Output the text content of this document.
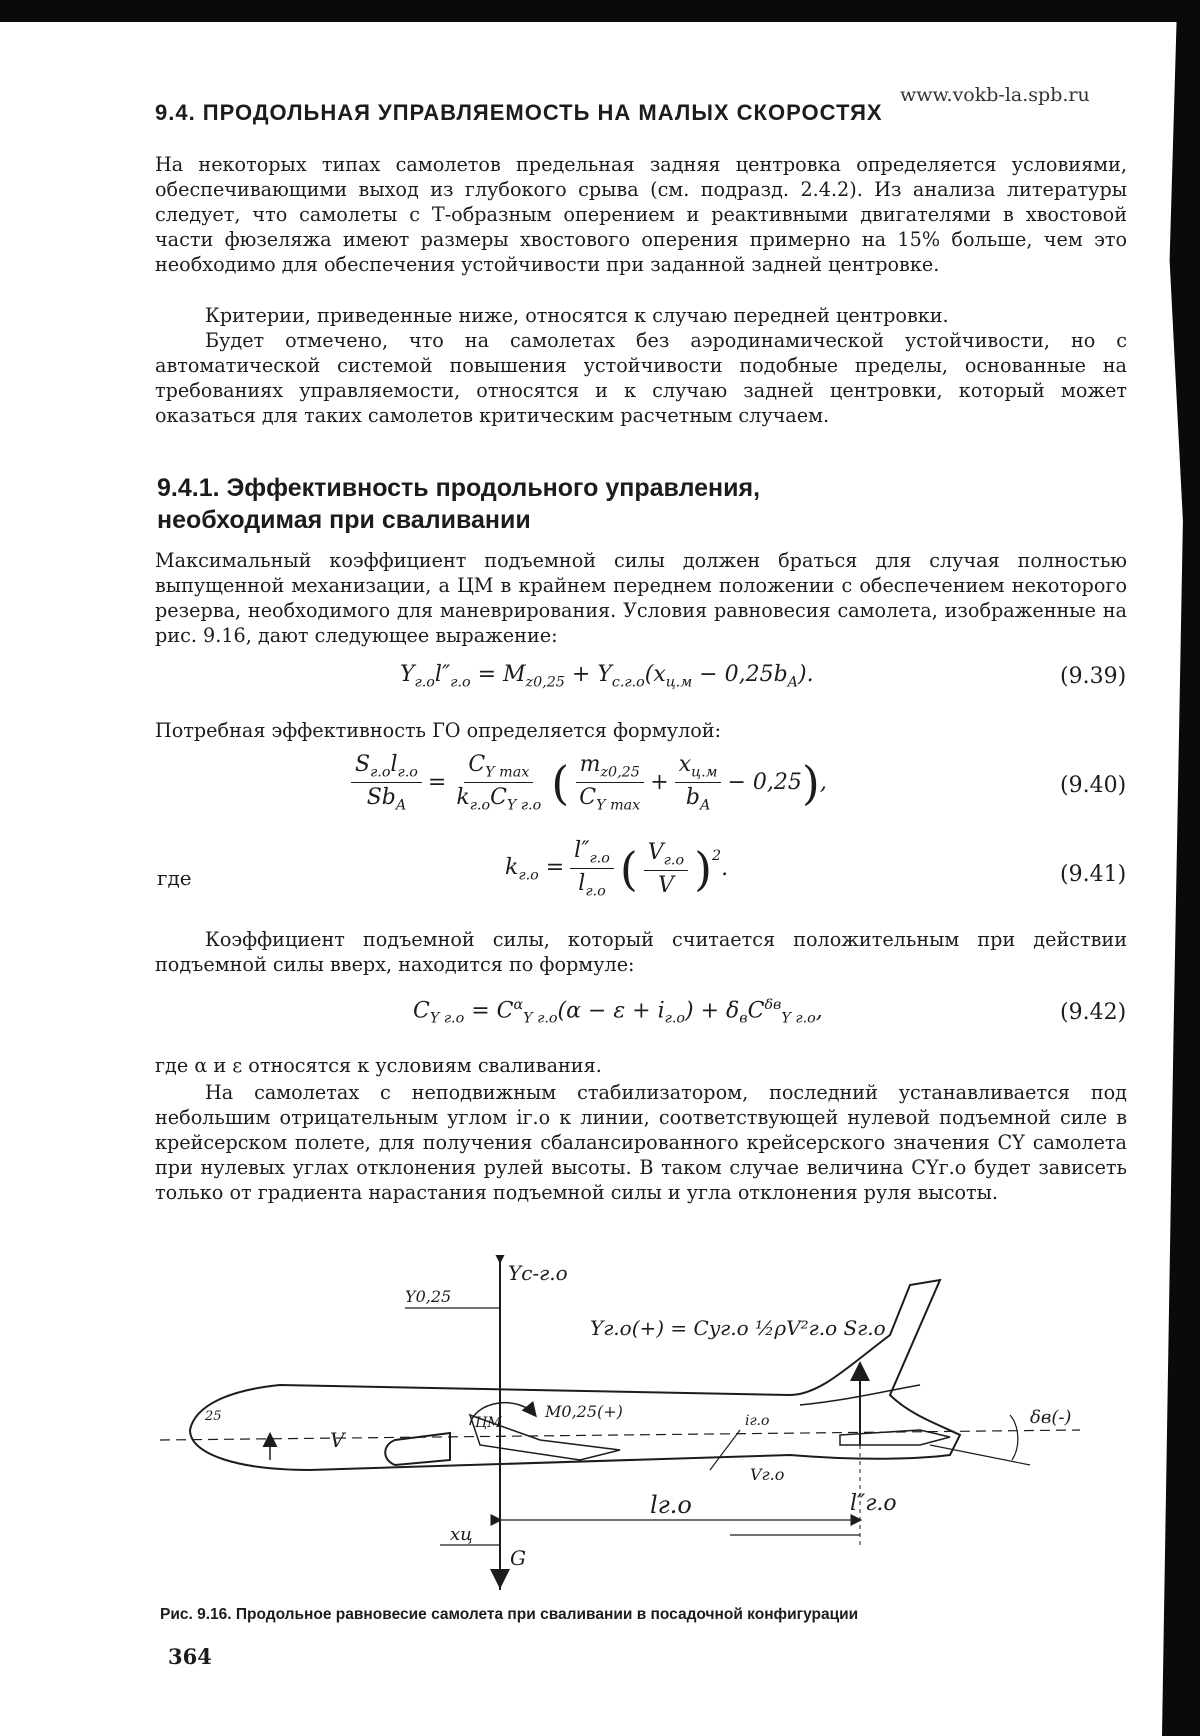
www.vokb-la.spb.ru
9.4. ПРОДОЛЬНАЯ УПРАВЛЯЕМОСТЬ НА МАЛЫХ СКОРОСТЯХ
На некоторых типах самолетов предельная задняя центровка определяется условиями, обеспечивающими выход из глубокого срыва (см. подразд. 2.4.2). Из анализа литературы следует, что самолеты с Т-образным оперением и реактивными двигателями в хвостовой части фюзеляжа имеют размеры хвостового оперения примерно на 15% больше, чем это необходимо для обеспечения устойчивости при заданной задней центровке.
Критерии, приведенные ниже, относятся к случаю передней центровки.
Будет отмечено, что на самолетах без аэродинамической устойчивости, но с автоматической системой повышения устойчивости подобные пределы, основанные на требованиях управляемости, относятся и к случаю задней центровки, который может оказаться для таких самолетов критическим расчетным случаем.
9.4.1. Эффективность продольного управления,
необходимая при сваливании
Максимальный коэффициент подъемной силы должен браться для случая полностью выпущенной механизации, а ЦМ в крайнем переднем положении с обеспечением некоторого резерва, необходимого для маневрирования. Условия равновесия самолета, изображенные на рис. 9.16, дают следующее выражение:
$Y_{г.о}l''_{г.о} = M_{z0,25} + Y_{с.г.о}(x_{ц.м} - 0,25b_A)$.	(9.39)
Потребная эффективность ГО определяется формулой:
$\frac{S_{г.о}l_{г.о}}{Sb_A} = \frac{C_{Y max}}{k_{г.о}C_{Y г.о}}$ ( $\frac{m_{z0,25}}{C_{Y max}} + \frac{x_{ц.м}}{b_A} - 0,25$ ) ,	(9.40)
где	$k_{г.о} = \frac{l''_{г.о}}{l_{г.о}}$ ( $\frac{V_{г.о}}{V} )^2$
.	(9.41)
Коэффициент подъемной силы, который считается положительным при действии подъемной силы вверх, находится по формуле:
$C_{Y г.о} = C^\alpha_{Y г.о}(\alpha - \varepsilon + i_{г.о}) + \delta_вC^{\delta в}_{Y г.о}$,	(9.42)
где α и ε относятся к условиям сваливания.
На самолетах с неподвижным стабилизатором, последний устанавливается под небольшим отрицательным углом iг.о к линии, соответствующей нулевой подъемной силе в крейсерском полете, для получения сбалансированного крейсерского значения CY самолета при нулевых углах отклонения рулей высоты. В таком случае величина CYг.о будет зависеть только от градиента нарастания подъемной силы и угла отклонения руля высоты.
Yс-г.о
Y0,25
Yг.о(+) = Cyг.о ½ρV²г.о Sг.о
M0,25(+)
ЦМ
V
δв(-)
Vг.о
iг.о
lг.о	l″г.о
xц
G
25
Рис. 9.16. Продольное равновесие самолета при сваливании в посадочной конфигурации
364
